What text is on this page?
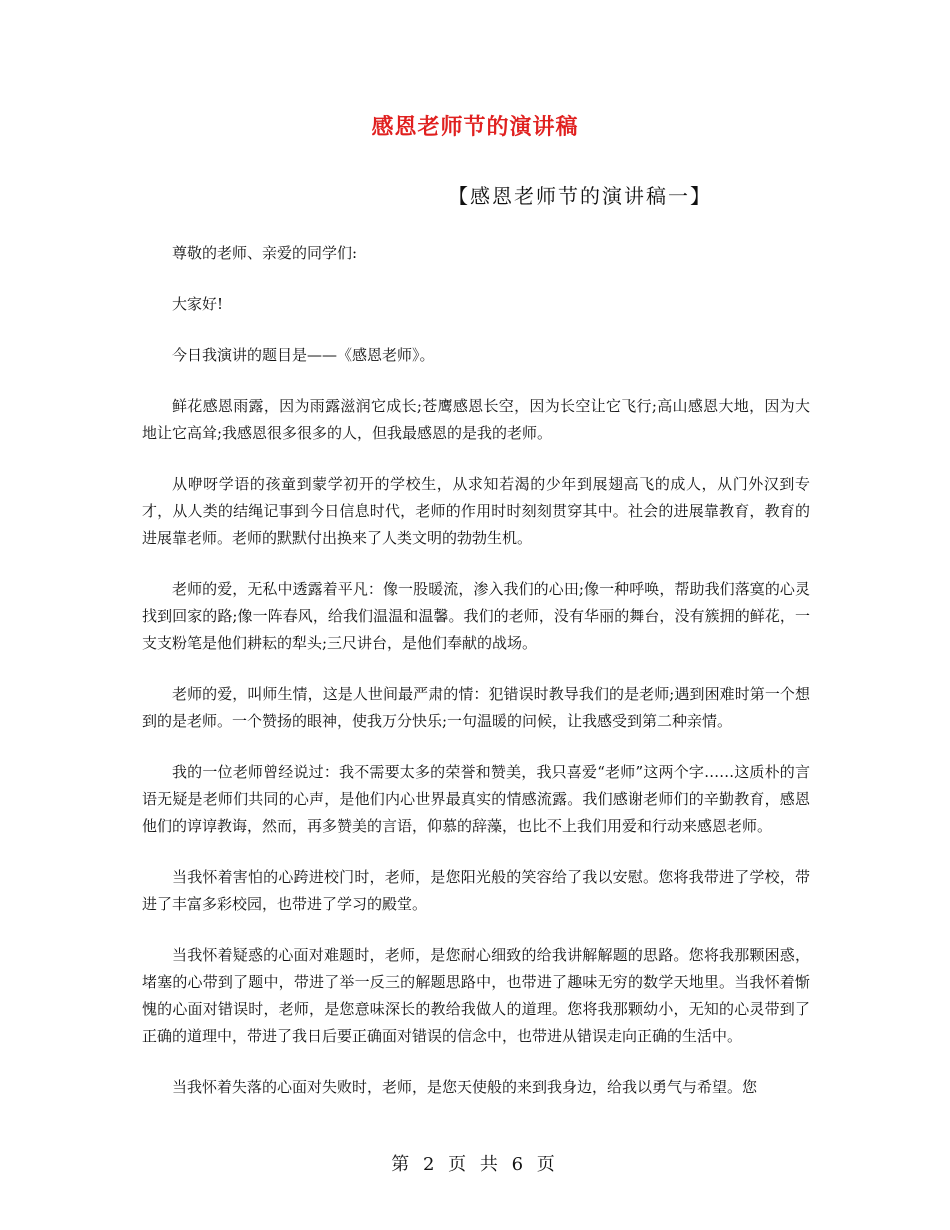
感恩老师节的演讲稿
【感恩老师节的演讲稿一】

尊敬的老师、亲爱的同学们:

大家好!

今日我演讲的题目是——《感恩老师》。

鲜花感恩雨露，因为雨露滋润它成长;苍鹰感恩长空，因为长空让它飞行;高山感恩大地，因为大地让它高耸;我感恩很多很多的人，但我最感恩的是我的老师。

从咿呀学语的孩童到蒙学初开的学校生，从求知若渴的少年到展翅高飞的成人，从门外汉到专才，从人类的结绳记事到今日信息时代，老师的作用时时刻刻贯穿其中。社会的进展靠教育，教育的进展靠老师。老师的默默付出换来了人类文明的勃勃生机。

老师的爱，无私中透露着平凡：像一股暖流，渗入我们的心田;像一种呼唤，帮助我们落寞的心灵找到回家的路;像一阵春风，给我们温温和温馨。我们的老师，没有华丽的舞台，没有簇拥的鲜花，一支支粉笔是他们耕耘的犁头;三尺讲台，是他们奉献的战场。

老师的爱，叫师生情，这是人世间最严肃的情：犯错误时教导我们的是老师;遇到困难时第一个想到的是老师。一个赞扬的眼神，使我万分快乐;一句温暖的问候，让我感受到第二种亲情。

我的一位老师曾经说过：我不需要太多的荣誉和赞美，我只喜爱“老师”这两个字……这质朴的言语无疑是老师们共同的心声，是他们内心世界最真实的情感流露。我们感谢老师们的辛勤教育，感恩他们的谆谆教诲，然而，再多赞美的言语，仰慕的辞藻，也比不上我们用爱和行动来感恩老师。

当我怀着害怕的心跨进校门时，老师，是您阳光般的笑容给了我以安慰。您将我带进了学校，带进了丰富多彩校园，也带进了学习的殿堂。

当我怀着疑惑的心面对难题时，老师，是您耐心细致的给我讲解解题的思路。您将我那颗困惑，堵塞的心带到了题中，带进了举一反三的解题思路中，也带进了趣味无穷的数学天地里。当我怀着惭愧的心面对错误时，老师，是您意味深长的教给我做人的道理。您将我那颗幼小，无知的心灵带到了正确的道理中，带进了我日后要正确面对错误的信念中，也带进从错误走向正确的生活中。

当我怀着失落的心面对失败时，老师，是您天使般的来到我身边，给我以勇气与希望。您

第 2 页 共 6 页
